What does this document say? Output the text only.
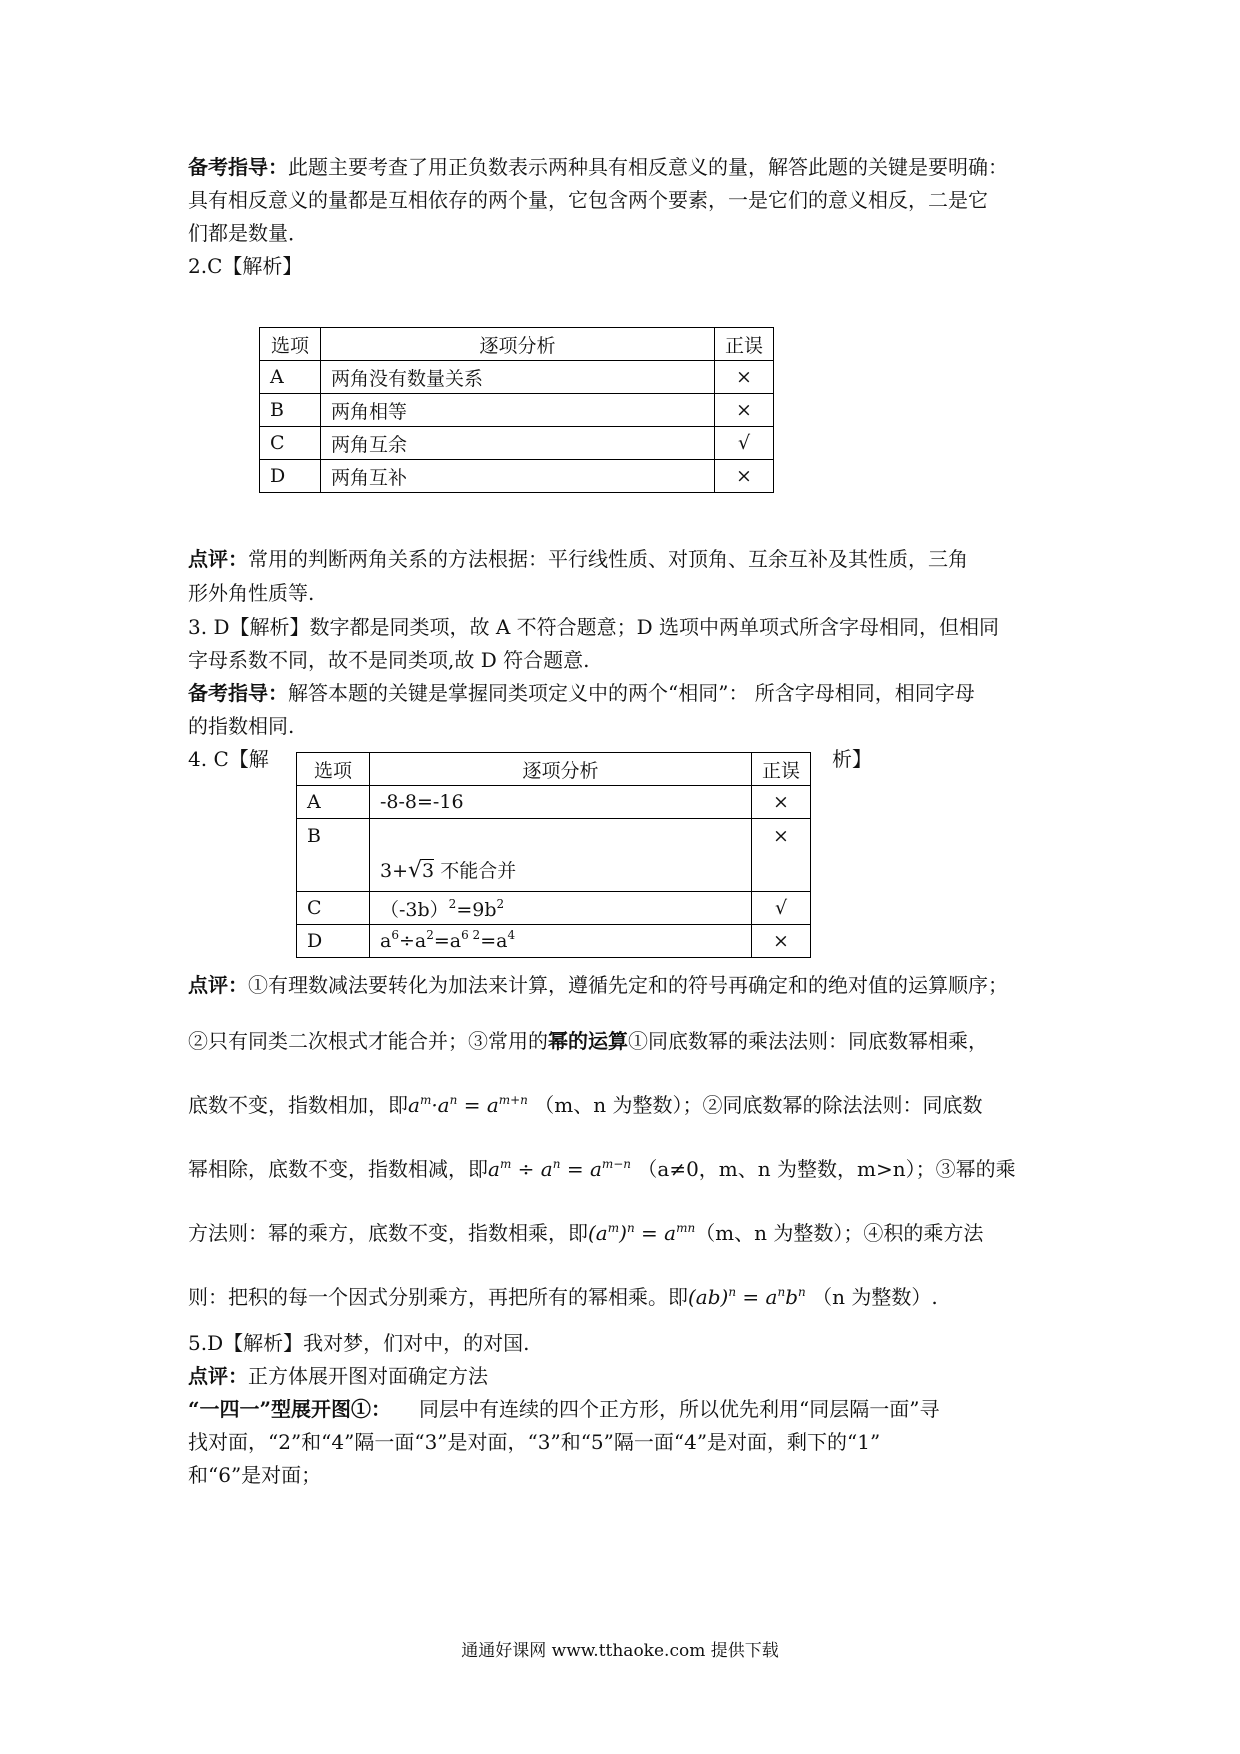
备考指导：此题主要考查了用正负数表示两种具有相反意义的量，解答此题的关键是要明确：
具有相反意义的量都是互相依存的两个量，它包含两个要素，一是它们的意义相反，二是它
们都是数量．
2.C【解析】
选项	逐项分析	正误
A	两角没有数量关系	×
B	两角相等	×
C	两角互余	√
D	两角互补	×
点评：常用的判断两角关系的方法根据：平行线性质、对顶角、互余互补及其性质，三角
形外角性质等.
3. D【解析】数字都是同类项，故 A 不符合题意；D 选项中两单项式所含字母相同，但相同
字母系数不同，故不是同类项,故 D 符合题意.
备考指导：解答本题的关键是掌握同类项定义中的两个“相同”： 所含字母相同，相同字母
的指数相同.
4. C【解	析】
选项	逐项分析	正误
A	-8-8=-16	×
B	3+√3 不能合并	×
C	$(-3b)^2=9b^2$	√
D	$a^6\div a^2=a^{6 2}=a^4$	×
点评：①有理数减法要转化为加法来计算，遵循先定和的符号再确定和的绝对值的运算顺序；
②只有同类二次根式才能合并；③常用的幂的运算①同底数幂的乘法法则：同底数幂相乘，
底数不变，指数相加，即$a^m\cdot a^n = a^{m+n}$ （m、n 为整数）；②同底数幂的除法法则：同底数
幂相除，底数不变，指数相减，即$a^m \div a^n = a^{m-n}$ （a≠0，m、n 为整数，m>n）；③幂的乘
方法则：幂的乘方，底数不变，指数相乘，即$(a^m)^n = a^{mn}(m$、n 为整数）；④积的乘方法
则：把积的每一个因式分别乘方，再把所有的幂相乘。即$(ab)^n = a^nb^n$ （n 为整数）.
5.D【解析】我对梦，们对中，的对国.
点评：正方体展开图对面确定方法
“一四一”型展开图①： 同层中有连续的四个正方形，所以优先利用“同层隔一面”寻
找对面，“2”和“4”隔一面“3”是对面，“3”和“5”隔一面“4”是对面，剩下的“1”
和“6”是对面；
通通好课网 www.tthaoke.com 提供下载
